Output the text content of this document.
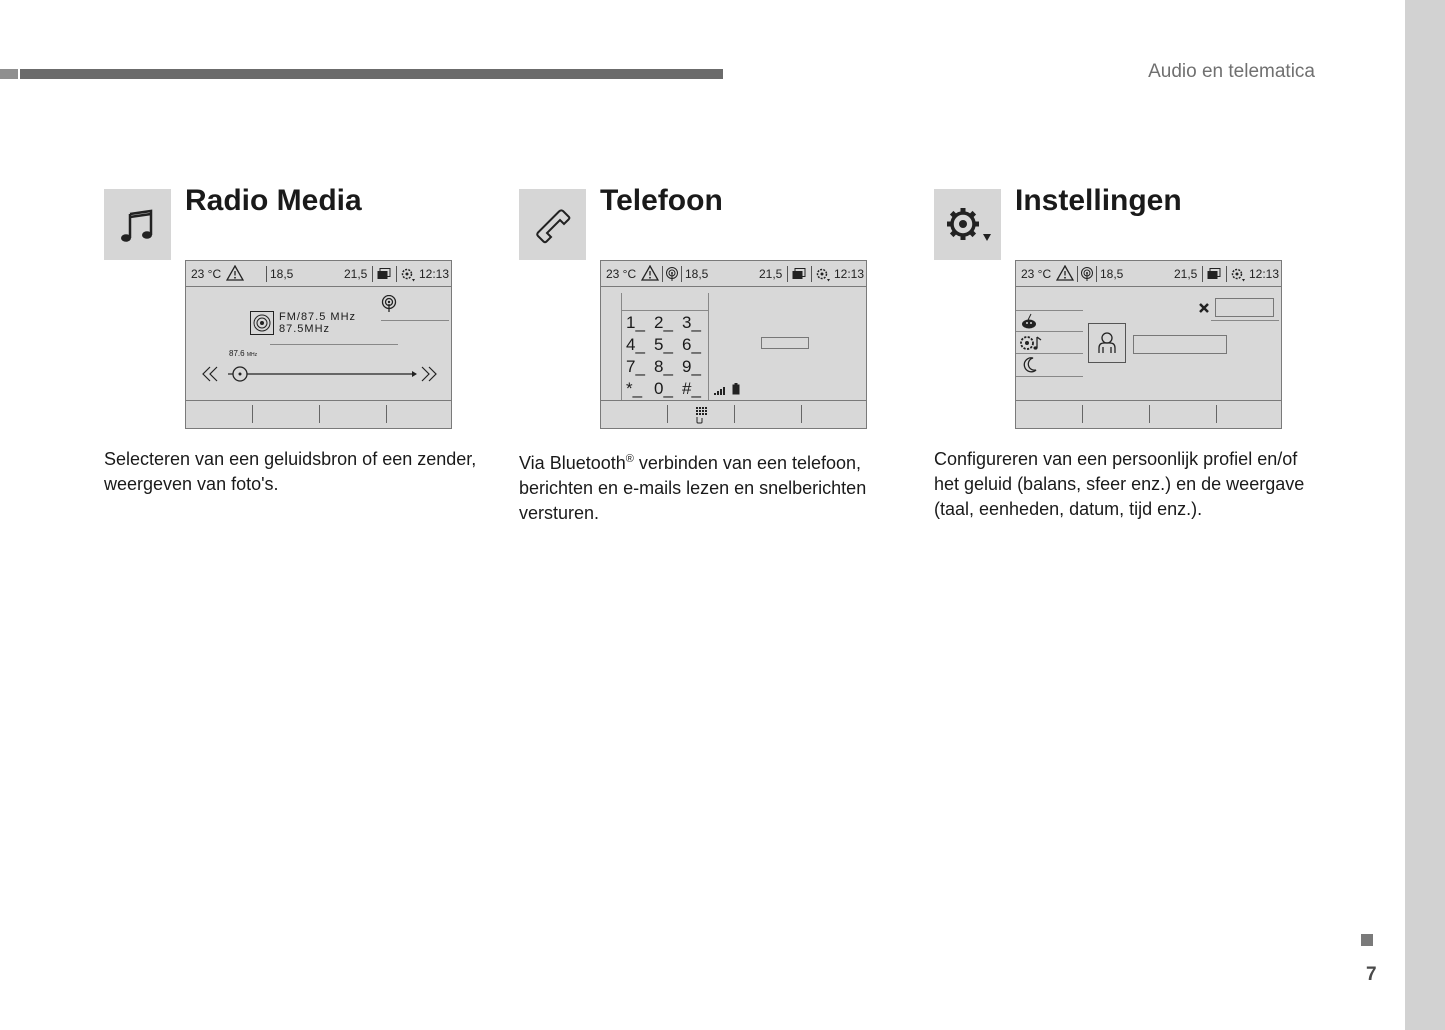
Audio en telematica
Radio Media
23 °C	18,5	21,5	12:13
FM/87.5 MHz
87.5MHz
87.6 MHz
Selecteren van een geluidsbron of een zender, weergeven van foto's.
Telefoon
23 °C	18,5	21,5	12:13
1_ 2_ 3_
4_ 5_ 6_
7_ 8_ 9_
*_ 0_ #_
Via Bluetooth® verbinden van een telefoon, berichten en e-mails lezen en snelberichten versturen.
Instellingen
23 °C	18,5	21,5	12:13
Configureren van een persoonlijk profiel en/of het geluid (balans, sfeer enz.) en de weergave (taal, eenheden, datum, tijd enz.).
7
